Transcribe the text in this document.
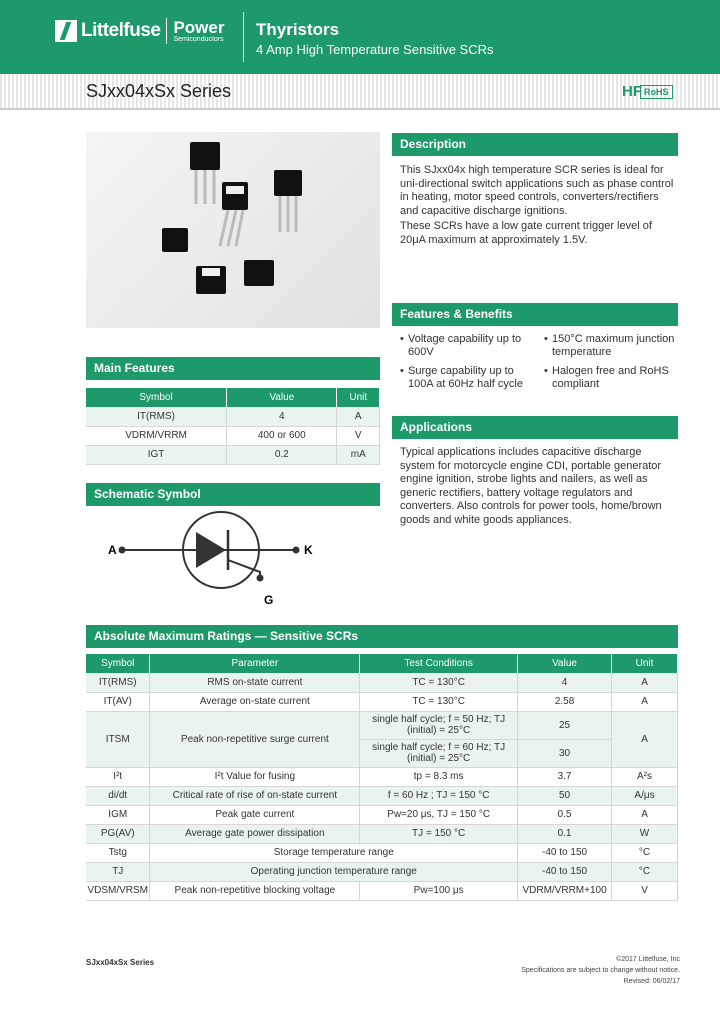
Littelfuse Power
Semiconductors Thyristors
4 Amp High Temperature Sensitive SCRs
SJxx04xSx Series	HF RoHS
Description
This SJxx04x high temperature SCR series is ideal for uni-directional switch applications such as phase control in heating, motor speed controls, converters/rectifiers and capacitive discharge ignitions.
These SCRs have a low gate current trigger level of 20μA maximum at approximately 1.5V.
Features & Benefits
• Voltage capability up to 600V
• Surge capability up to 100A at 60Hz half cycle
• 150°C maximum junction temperature
• Halogen free and RoHS compliant
Applications
Typical applications includes capacitive discharge system for motorcycle engine CDI, portable generator engine ignition, strobe lights and nailers, as well as generic rectifiers, battery voltage regulators and converters. Also controls for power tools, home/brown goods and white goods appliances.
Main Features
Symbol	Value	Unit
IT(RMS)	4	A
VDRM/VRRM	400 or 600	V
IGT	0.2	mA
Schematic Symbol
A	K
G
Absolute Maximum Ratings — Sensitive SCRs
Symbol	Parameter	Test Conditions	Value	Unit
IT(RMS)	RMS on-state current	TC = 130°C	4	A
IT(AV)	Average on-state current	TC = 130°C	2.58	A
ITSM	Peak non-repetitive surge current	single half cycle; f = 50 Hz; TJ (initial) = 25°C	25	A
		single half cycle; f = 60 Hz; TJ (initial) = 25°C	30	
I²t	I²t Value for fusing	tp = 8.3 ms	3.7	A²s
di/dt	Critical rate of rise of on-state current	f = 60 Hz ; TJ = 150 °C	50	A/μs
IGM	Peak gate current	Pw=20 μs, TJ = 150 °C	0.5	A
PG(AV)	Average gate power dissipation	TJ = 150 °C	0.1	W
Tstg	Storage temperature range		-40 to 150	°C
TJ	Operating junction temperature range		-40 to 150	°C
VDSM/VRSM	Peak non-repetitive blocking voltage	Pw=100 μs	VDRM/VRRM+100	V
SJxx04xSx Series	©2017 Littelfuse, Inc
Specifications are subject to change without notice.
Revised: 06/02/17
